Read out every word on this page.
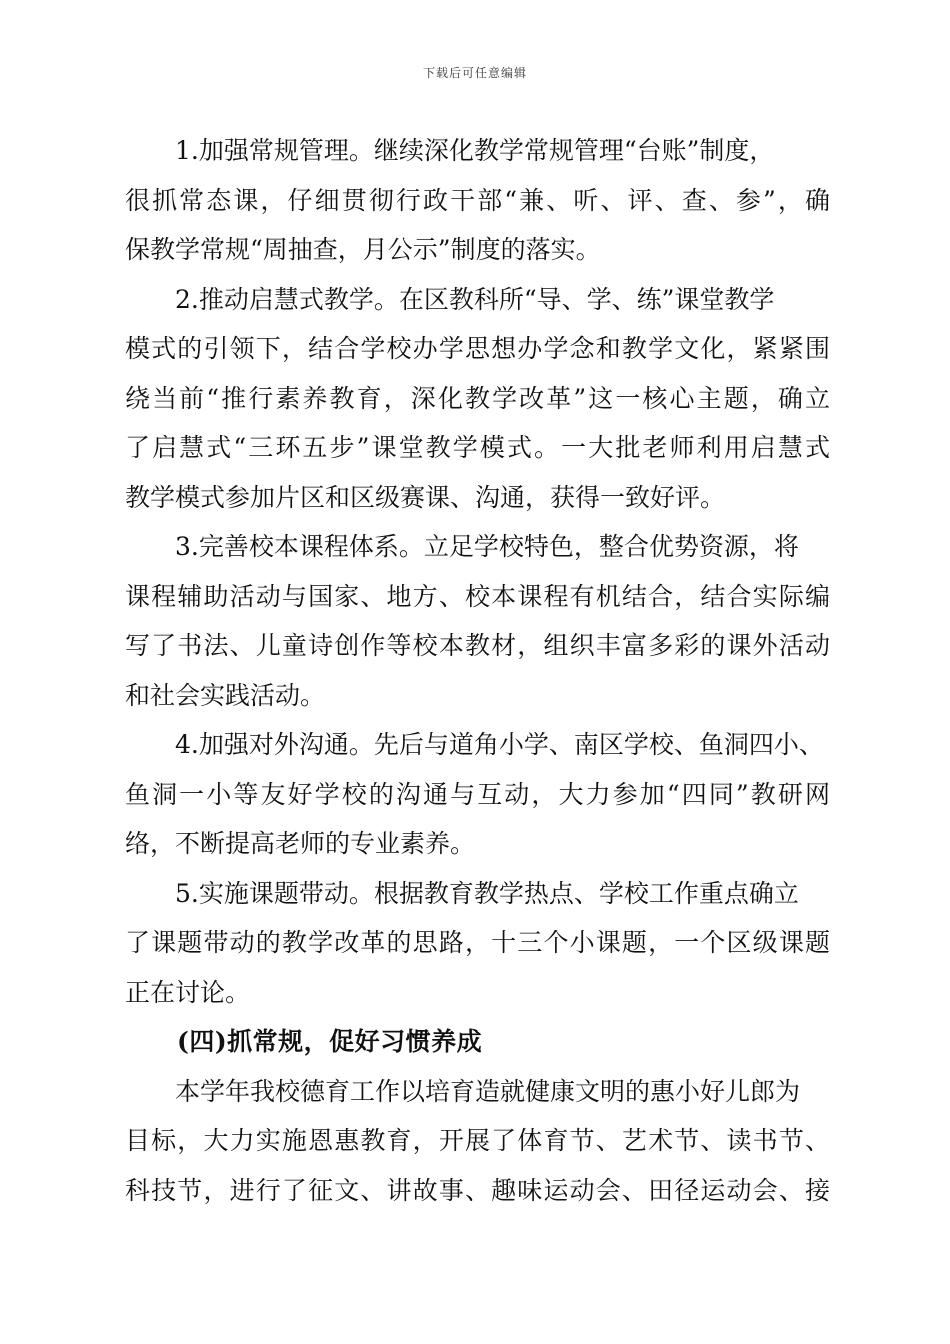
下载后可任意编辑
1.加强常规管理。继续深化教学常规管理“台账”制度，
很抓常态课，仔细贯彻行政干部“兼、听、评、查、参”，确
保教学常规“周抽查，月公示”制度的落实。
2.推动启慧式教学。在区教科所“导、学、练”课堂教学
模式的引领下，结合学校办学思想办学念和教学文化，紧紧围
绕当前“推行素养教育，深化教学改革”这一核心主题，确立
了启慧式“三环五步”课堂教学模式。一大批老师利用启慧式
教学模式参加片区和区级赛课、沟通，获得一致好评。
3.完善校本课程体系。立足学校特色，整合优势资源，将
课程辅助活动与国家、地方、校本课程有机结合，结合实际编
写了书法、儿童诗创作等校本教材，组织丰富多彩的课外活动
和社会实践活动。
4.加强对外沟通。先后与道角小学、南区学校、鱼洞四小、
鱼洞一小等友好学校的沟通与互动，大力参加“四同”教研网
络，不断提高老师的专业素养。
5.实施课题带动。根据教育教学热点、学校工作重点确立
了课题带动的教学改革的思路，十三个小课题，一个区级课题
正在讨论。
(四)抓常规，促好习惯养成
本学年我校德育工作以培育造就健康文明的惠小好儿郎为
目标，大力实施恩惠教育，开展了体育节、艺术节、读书节、
科技节，进行了征文、讲故事、趣味运动会、田径运动会、接
